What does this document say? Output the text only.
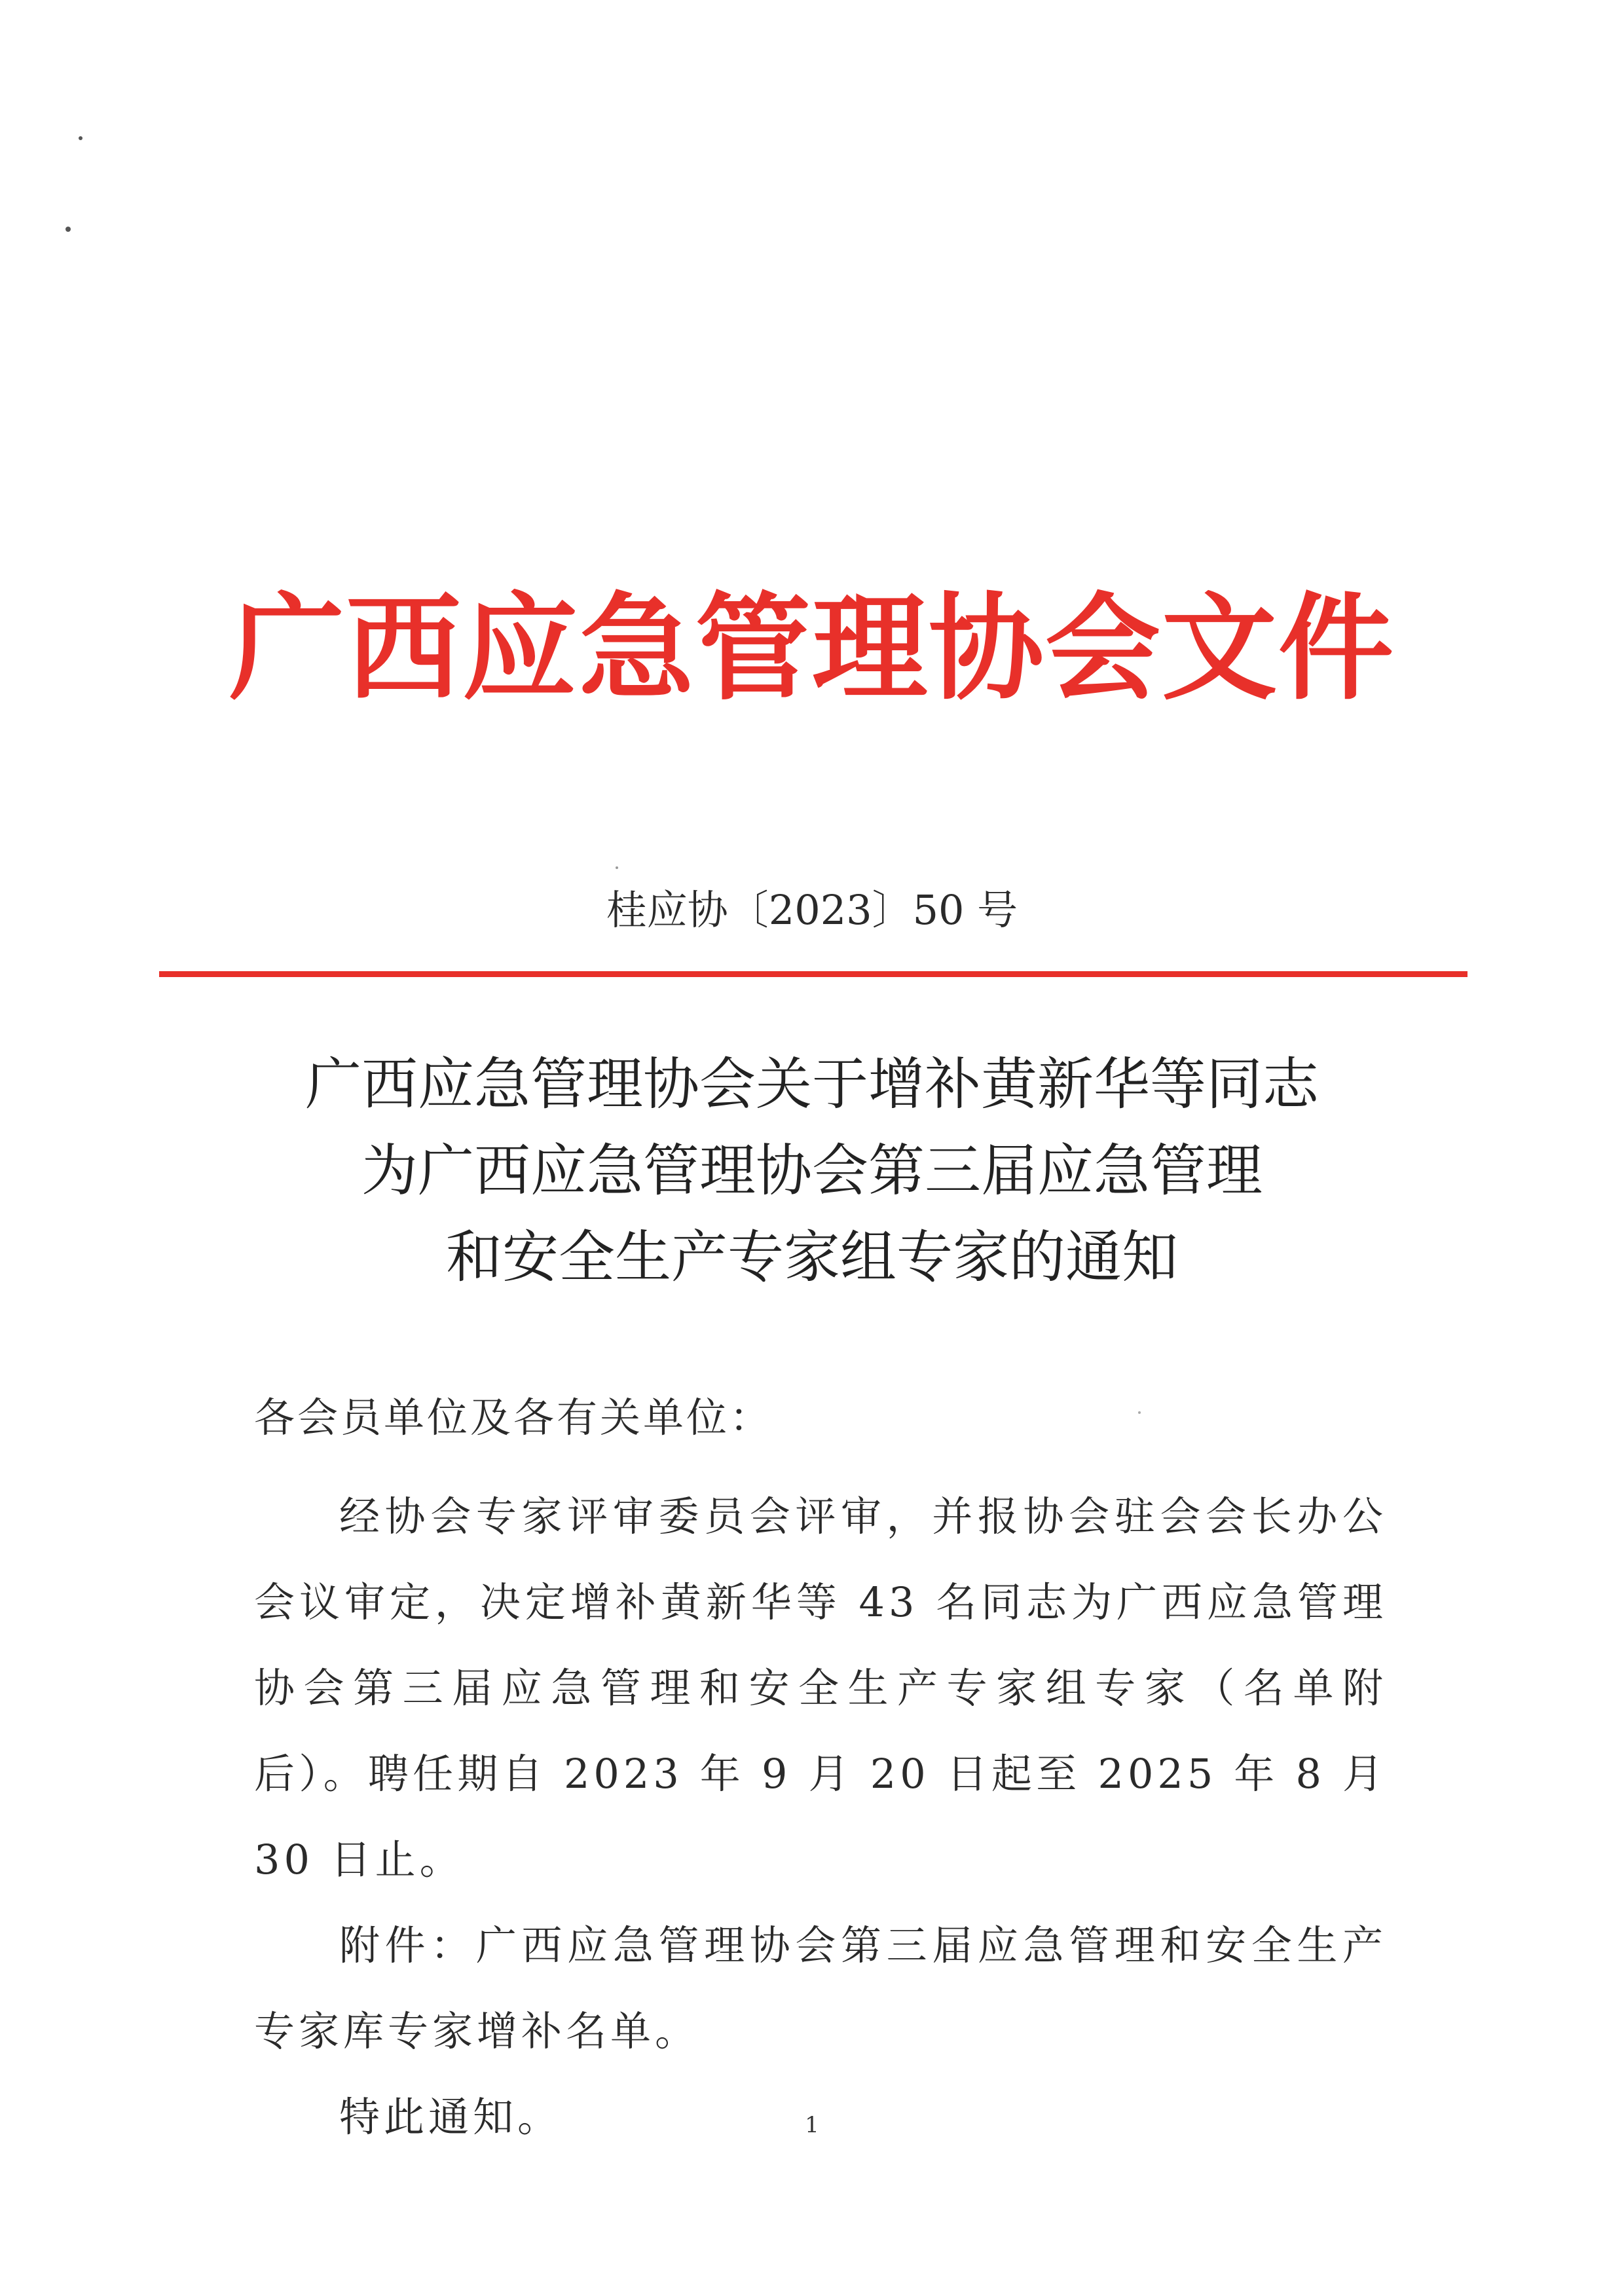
广西应急管理协会文件
桂应协〔2023〕50 号
广西应急管理协会关于增补黄新华等同志
为广西应急管理协会第三届应急管理
和安全生产专家组专家的通知
各会员单位及各有关单位：

经协会专家评审委员会评审，并报协会驻会会长办公会议审定，决定增补黄新华等 43 名同志为广西应急管理协会第三届应急管理和安全生产专家组专家（名单附后）。聘任期自 2023 年 9 月 20 日起至 2025 年 8 月 30 日止。

附件：广西应急管理协会第三届应急管理和安全生产专家库专家增补名单。

特此通知。	1
